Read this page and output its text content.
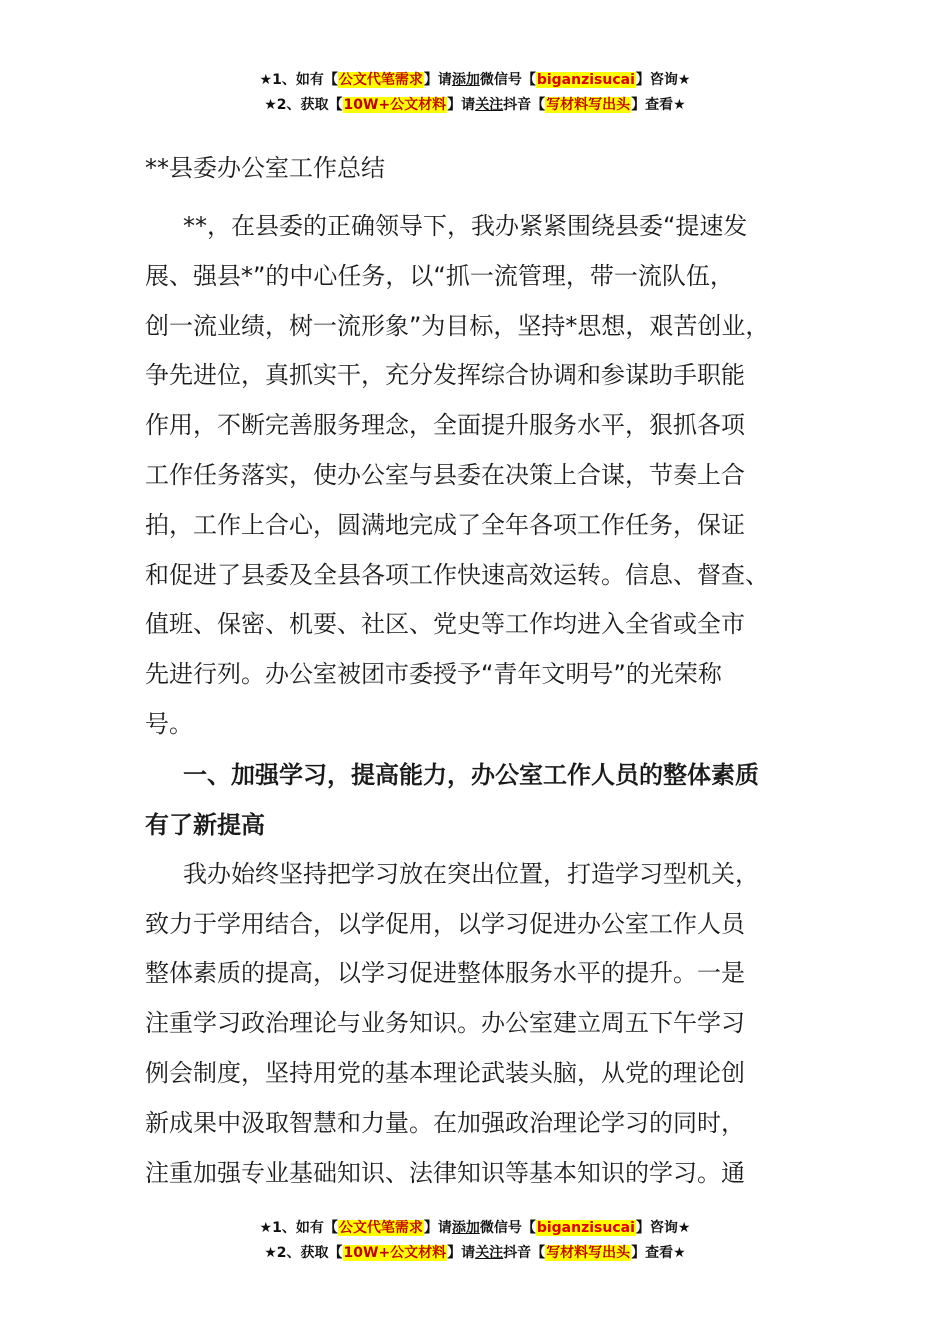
★1、如有【公文代笔需求】请添加微信号【biganzisucai】咨询★
★2、获取【10W+公文材料】请关注抖音【写材料写出头】查看★
**县委办公室工作总结

**，在县委的正确领导下，我办紧紧围绕县委“提速发
展、强县*”的中心任务，以“抓一流管理，带一流队伍，
创一流业绩，树一流形象”为目标，坚持*思想，艰苦创业，
争先进位，真抓实干，充分发挥综合协调和参谋助手职能
作用，不断完善服务理念，全面提升服务水平，狠抓各项
工作任务落实，使办公室与县委在决策上合谋，节奏上合
拍，工作上合心，圆满地完成了全年各项工作任务，保证
和促进了县委及全县各项工作快速高效运转。信息、督查、
值班、保密、机要、社区、党史等工作均进入全省或全市
先进行列。办公室被团市委授予“青年文明号”的光荣称
号。

一、加强学习，提高能力，办公室工作人员的整体素质
有了新提高

我办始终坚持把学习放在突出位置，打造学习型机关，
致力于学用结合，以学促用，以学习促进办公室工作人员
整体素质的提高，以学习促进整体服务水平的提升。一是
注重学习政治理论与业务知识。办公室建立周五下午学习
例会制度，坚持用党的基本理论武装头脑，从党的理论创
新成果中汲取智慧和力量。在加强政治理论学习的同时，
注重加强专业基础知识、法律知识等基本知识的学习。通

★1、如有【公文代笔需求】请添加微信号【biganzisucai】咨询★
★2、获取【10W+公文材料】请关注抖音【写材料写出头】查看★
